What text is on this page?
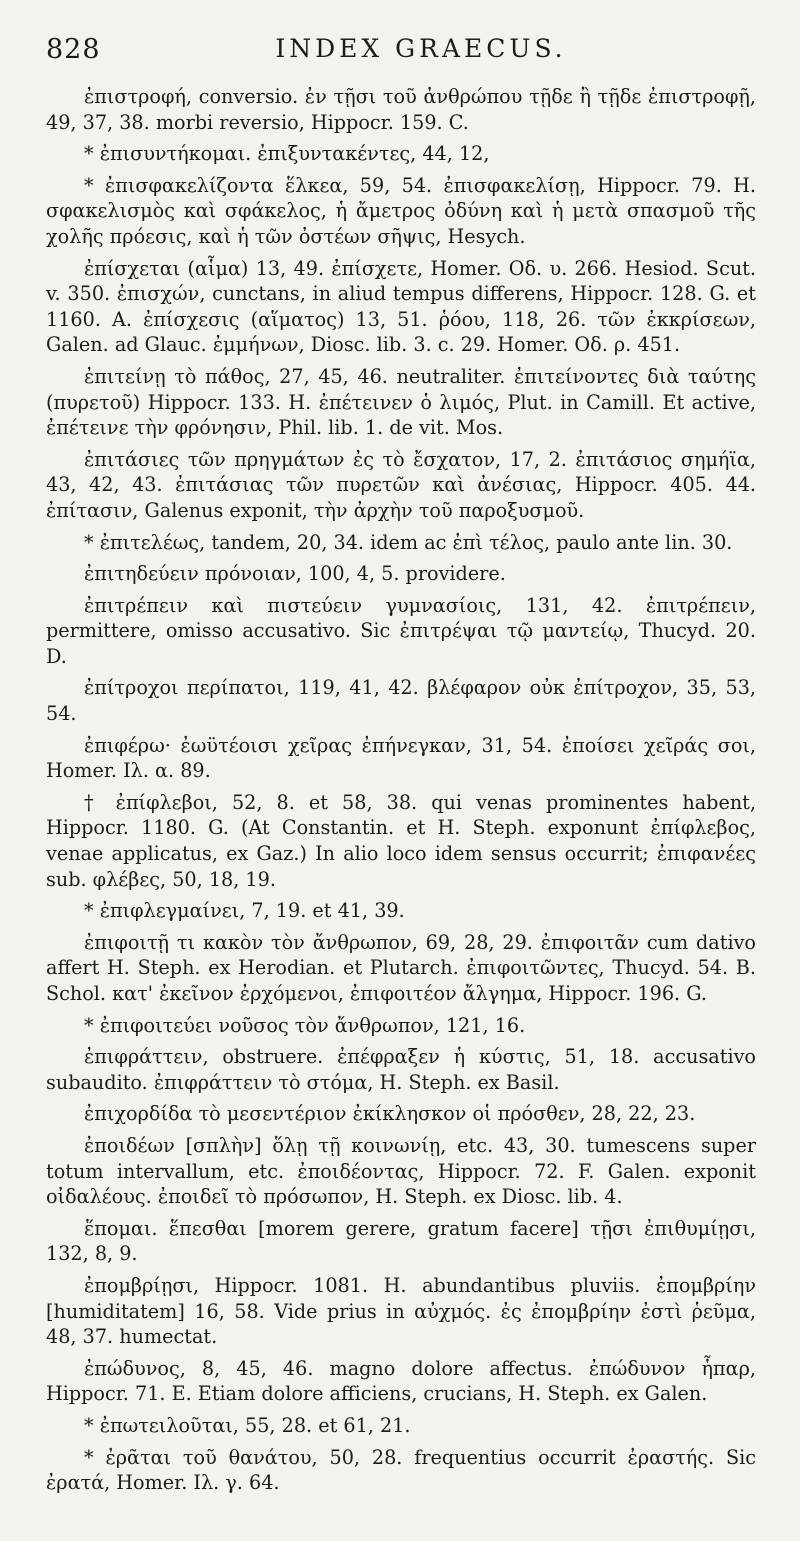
828	INDEX GRAECUS.

ἐπιστροφή, conversio. ἐν τῇσι τοῦ ἀνθρώπου τῇδε ἢ τῇδε ἐπιστροφῇ, 49, 37, 38. morbi reversio, Hippocr. 159. C.

* ἐπισυντήκομαι. ἐπιξυντακέντες, 44, 12,

* ἐπισφακελίζοντα ἕλκεα, 59, 54. ἐπισφακελίσῃ, Hippocr. 79. H. σφακελισμὸς καὶ σφάκελος, ἡ ἄμετρος ὀδύνη καὶ ἡ μετὰ σπασμοῦ τῆς χολῆς πρόεσις, καὶ ἡ τῶν ὀστέων σῆψις, Hesych.

ἐπίσχεται (αἷμα) 13, 49. ἐπίσχετε, Homer. Οδ. υ. 266. Hesiod. Scut. v. 350. ἐπισχών, cunctans, in aliud tempus differens, Hippocr. 128. G. et 1160. A. ἐπίσχεσις (αἵματος) 13, 51. ῥόου, 118, 26. τῶν ἐκκρίσεων, Galen. ad Glauc. ἐμμήνων, Diosc. lib. 3. c. 29. Homer. Οδ. ρ. 451.

ἐπιτείνῃ τὸ πάθος, 27, 45, 46. neutraliter. ἐπιτείνοντες διὰ ταύτης (πυρετοῦ) Hippocr. 133. H. ἐπέτεινεν ὁ λιμός, Plut. in Camill. Et active, ἐπέτεινε τὴν φρόνησιν, Phil. lib. 1. de vit. Mos.

ἐπιτάσιες τῶν πρηγμάτων ἐς τὸ ἔσχατον, 17, 2. ἐπιτάσιος σημήϊα, 43, 42, 43. ἐπιτάσιας τῶν πυρετῶν καὶ ἀνέσιας, Hippocr. 405. 44. ἐπίτασιν, Galenus exponit, τὴν ἀρχὴν τοῦ παροξυσμοῦ.

* ἐπιτελέως, tandem, 20, 34. idem ac ἐπὶ τέλος, paulo ante lin. 30.

ἐπιτηδεύειν πρόνοιαν, 100, 4, 5. providere.

ἐπιτρέπειν καὶ πιστεύειν γυμνασίοις, 131, 42. ἐπιτρέπειν, permittere, omisso accusativo. Sic ἐπιτρέψαι τῷ μαντείῳ, Thucyd. 20. D.

ἐπίτροχοι περίπατοι, 119, 41, 42. βλέφαρον οὐκ ἐπίτροχον, 35, 53, 54.

ἐπιφέρω· ἐωϋτέοισι χεῖρας ἐπήνεγκαν, 31, 54. ἐποίσει χεῖράς σοι, Homer. Ιλ. α. 89.

† ἐπίφλεβοι, 52, 8. et 58, 38. qui venas prominentes habent, Hippocr. 1180. G. (At Constantin. et H. Steph. exponunt ἐπίφλεβος, venae applicatus, ex Gaz.) In alio loco idem sensus occurrit; ἐπιφανέες sub. φλέβες, 50, 18, 19.

* ἐπιφλεγμαίνει, 7, 19. et 41, 39.

ἐπιφοιτῇ τι κακὸν τὸν ἄνθρωπον, 69, 28, 29. ἐπιφοιτᾶν cum dativo affert H. Steph. ex Herodian. et Plutarch. ἐπιφοιτῶντες, Thucyd. 54. B. Schol. κατ' ἐκεῖνον ἐρχόμενοι, ἐπιφοιτέον ἄλγημα, Hippocr. 196. G.

* ἐπιφοιτεύει νοῦσος τὸν ἄνθρωπον, 121, 16.

ἐπιφράττειν, obstruere. ἐπέφραξεν ἡ κύστις, 51, 18. accusativo subaudito. ἐπιφράττειν τὸ στόμα, H. Steph. ex Basil.

ἐπιχορδίδα τὸ μεσεντέριον ἐκίκλησκον οἱ πρόσθεν, 28, 22, 23.

ἐποιδέων [σπλὴν] ὅλῃ τῇ κοινωνίῃ, etc. 43, 30. tumescens super totum intervallum, etc. ἐποιδέοντας, Hippocr. 72. F. Galen. exponit οἰδαλέους. ἐποιδεῖ τὸ πρόσωπον, H. Steph. ex Diosc. lib. 4.

ἕπομαι. ἕπεσθαι [morem gerere, gratum facere] τῇσι ἐπιθυμίῃσι, 132, 8, 9.

ἐπομβρίῃσι, Hippocr. 1081. H. abundantibus pluviis. ἐπομβρίην [humiditatem] 16, 58. Vide prius in αὐχμός. ἐς ἐπομβρίην ἐστὶ ῥεῦμα, 48, 37. humectat.

ἐπώδυνος, 8, 45, 46. magno dolore affectus. ἐπώδυνον ἧπαρ, Hippocr. 71. E. Etiam dolore afficiens, crucians, H. Steph. ex Galen.

* ἐπωτειλοῦται, 55, 28. et 61, 21.

* ἐρᾶται τοῦ θανάτου, 50, 28. frequentius occurrit ἐραστής. Sic ἐρατά, Homer. Ιλ. γ. 64.
